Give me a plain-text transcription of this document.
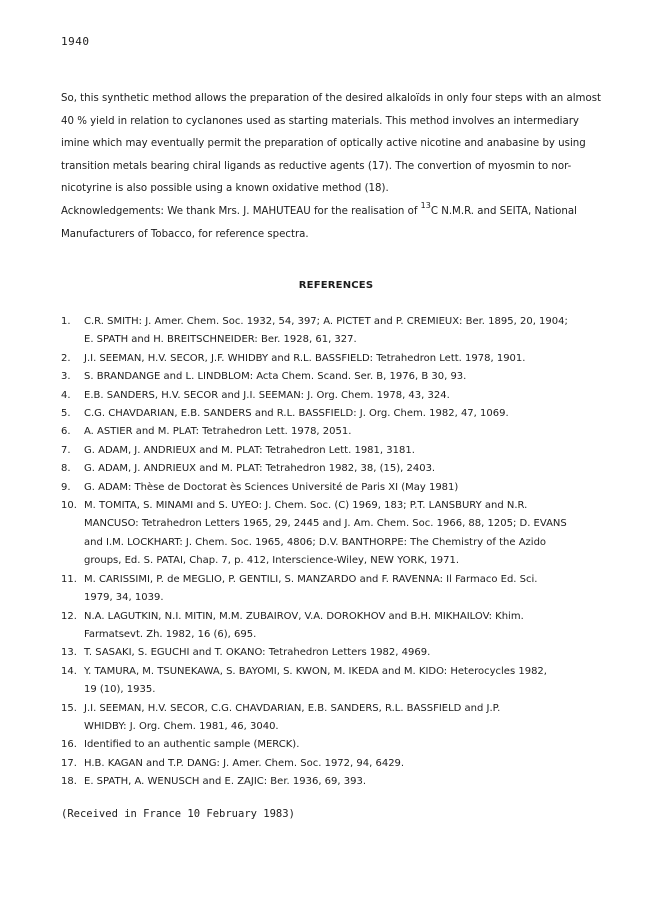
1940

So, this synthetic method allows the preparation of the desired alkaloïds in only four steps with an almost

40 % yield in relation to cyclanones used as starting materials. This method involves an intermediary

imine which may eventually permit the preparation of optically active nicotine and anabasine by using

transition metals bearing chiral ligands as reductive agents (17). The convertion of myosmin to nor-

nicotyrine is also possible using a known oxidative method (18).

Acknowledgements: We thank Mrs. J. MAHUTEAU for the realisation of $^{13}$C N.M.R. and SEITA, National

Manufacturers of Tobacco, for reference spectra.

REFERENCES
1.	C.R. SMITH: J. Amer. Chem. Soc. 1932, 54, 397; A. PICTET and P. CREMIEUX: Ber. 1895, 20, 1904;
E. SPATH and H. BREITSCHNEIDER: Ber. 1928, 61, 327.
2.	J.I. SEEMAN, H.V. SECOR, J.F. WHIDBY and R.L. BASSFIELD: Tetrahedron Lett. 1978, 1901.
3.	S. BRANDANGE and L. LINDBLOM: Acta Chem. Scand. Ser. B, 1976, B 30, 93.
4.	E.B. SANDERS, H.V. SECOR and J.I. SEEMAN: J. Org. Chem. 1978, 43, 324.
5.	C.G. CHAVDARIAN, E.B. SANDERS and R.L. BASSFIELD: J. Org. Chem. 1982, 47, 1069.
6.	A. ASTIER and M. PLAT: Tetrahedron Lett. 1978, 2051.
7.	G. ADAM, J. ANDRIEUX and M. PLAT: Tetrahedron Lett. 1981, 3181.
8.	G. ADAM, J. ANDRIEUX and M. PLAT: Tetrahedron 1982, 38, (15), 2403.
9.	G. ADAM: Thèse de Doctorat ès Sciences Université de Paris XI (May 1981)
10. M. TOMITA, S. MINAMI and S. UYEO: J. Chem. Soc. (C) 1969, 183; P.T. LANSBURY and N.R.
MANCUSO: Tetrahedron Letters 1965, 29, 2445 and J. Am. Chem. Soc. 1966, 88, 1205; D. EVANS
and I.M. LOCKHART: J. Chem. Soc. 1965, 4806; D.V. BANTHORPE: The Chemistry of the Azido
groups, Ed. S. PATAI, Chap. 7, p. 412, Interscience-Wiley, NEW YORK, 1971.
11. M. CARISSIMI, P. de MEGLIO, P. GENTILI, S. MANZARDO and F. RAVENNA: Il Farmaco Ed. Sci.
1979, 34, 1039.
12. N.A. LAGUTKIN, N.I. MITIN, M.M. ZUBAIROV, V.A. DOROKHOV and B.H. MIKHAILOV: Khim.
Farmatsevt. Zh. 1982, 16 (6), 695.
13. T. SASAKI, S. EGUCHI and T. OKANO: Tetrahedron Letters 1982, 4969.
14. Y. TAMURA, M. TSUNEKAWA, S. BAYOMI, S. KWON, M. IKEDA and M. KIDO: Heterocycles 1982,
19 (10), 1935.
15. J.I. SEEMAN, H.V. SECOR, C.G. CHAVDARIAN, E.B. SANDERS, R.L. BASSFIELD and J.P.
WHIDBY: J. Org. Chem. 1981, 46, 3040.
16. Identified to an authentic sample (MERCK).
17. H.B. KAGAN and T.P. DANG: J. Amer. Chem. Soc. 1972, 94, 6429.
18. E. SPATH, A. WENUSCH and E. ZAJIC: Ber. 1936, 69, 393.
(Received in France 10 February 1983)
